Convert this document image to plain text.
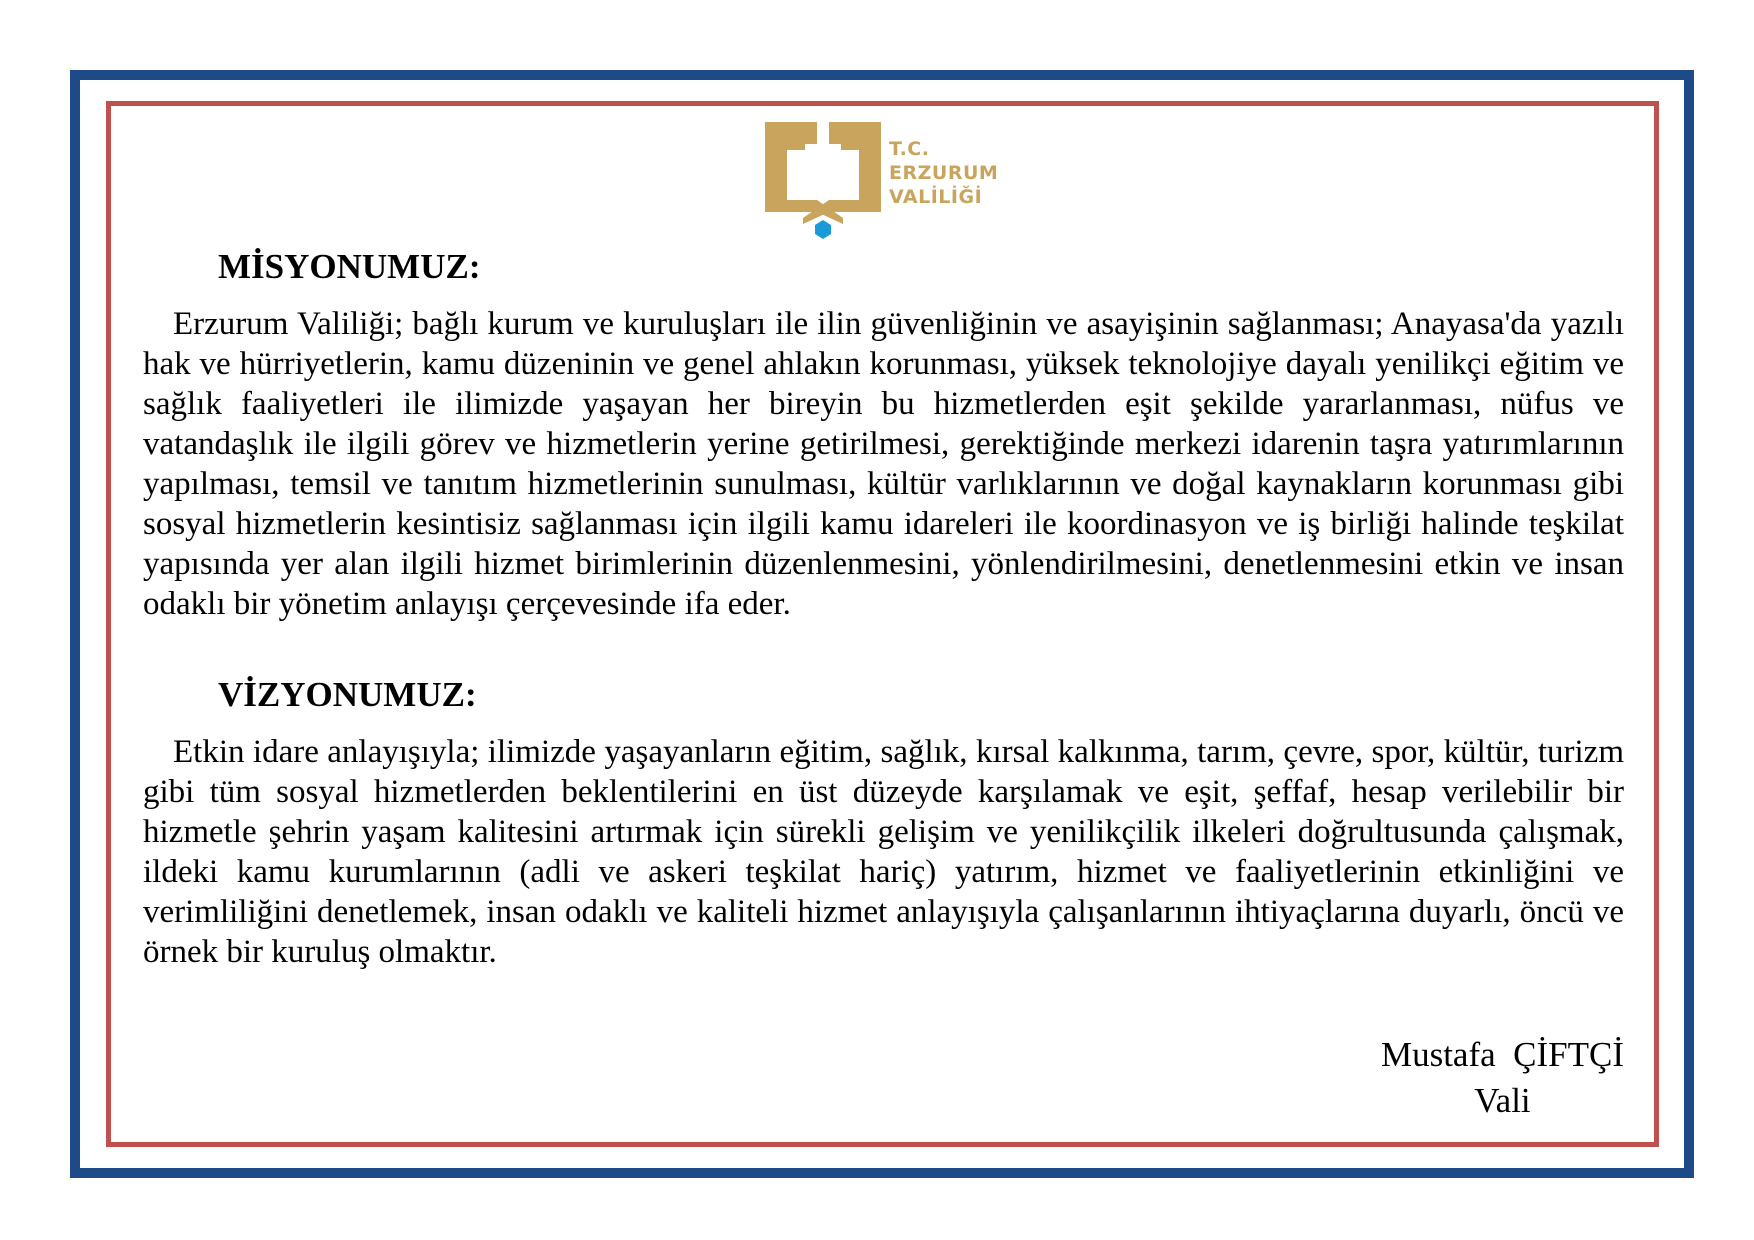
T.C.
ERZURUM
VALİLİĞİ
MİSYONUMUZ:

Erzurum Valiliği; bağlı kurum ve kuruluşları ile ilin güvenliğinin ve asayişinin sağlanması; Anayasa'da yazılı hak ve hürriyetlerin, kamu düzeninin ve genel ahlakın korunması, yüksek teknolojiye dayalı yenilikçi eğitim ve sağlık faaliyetleri ile ilimizde yaşayan her bireyin bu hizmetlerden eşit şekilde yararlanması, nüfus ve vatandaşlık ile ilgili görev ve hizmetlerin yerine getirilmesi, gerektiğinde merkezi idarenin taşra yatırımlarının yapılması, temsil ve tanıtım hizmetlerinin sunulması, kültür varlıklarının ve doğal kaynakların korunması gibi sosyal hizmetlerin kesintisiz sağlanması için ilgili kamu idareleri ile koordinasyon ve iş birliği halinde teşkilat yapısında yer alan ilgili hizmet birimlerinin düzenlenmesini, yönlendirilmesini, denetlenmesini etkin ve insan odaklı bir yönetim anlayışı çerçevesinde ifa eder.

VİZYONUMUZ:

Etkin idare anlayışıyla; ilimizde yaşayanların eğitim, sağlık, kırsal kalkınma, tarım, çevre, spor, kültür, turizm gibi tüm sosyal hizmetlerden beklentilerini en üst düzeyde karşılamak ve eşit, şeffaf, hesap verilebilir bir hizmetle şehrin yaşam kalitesini artırmak için sürekli gelişim ve yenilikçilik ilkeleri doğrultusunda çalışmak, ildeki kamu kurumlarının (adli ve askeri teşkilat hariç) yatırım, hizmet ve faaliyetlerinin etkinliğini ve verimliliğini denetlemek, insan odaklı ve kaliteli hizmet anlayışıyla çalışanlarının ihtiyaçlarına duyarlı, öncü ve örnek bir kuruluş olmaktır.

Mustafa  ÇİFTÇİ
Vali
